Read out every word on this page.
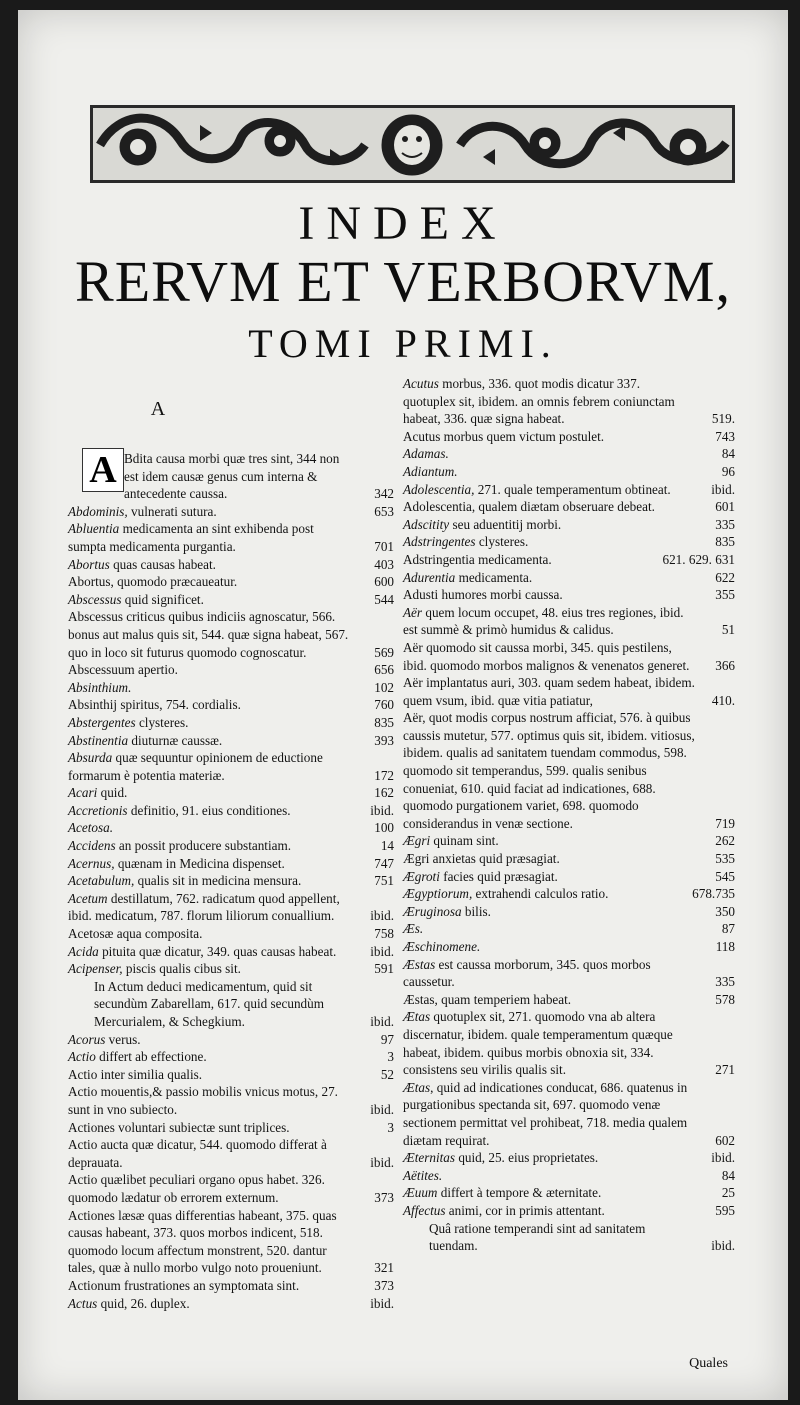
INDEX
RERVM ET VERBORVM,
TOMI PRIMI.
A
A Bdita causa morbi quæ tres sint, 344 non est idem causæ genus cum interna & antecedente caussa.	342
Abdominis, vulnerati sutura.	653
Abluentia medicamenta an sint exhibenda post sumpta medicamenta purgantia.	701
Abortus quas causas habeat.	403
Abortus, quomodo præcaueatur.	600
Abscessus quid significet.	544
Abscessus criticus quibus indiciis agnoscatur, 566. bonus aut malus quis sit, 544. quæ signa habeat, 567. quo in loco sit futurus quomodo cognoscatur.	569
Abscessuum apertio.	656
Absinthium.	102
Absinthij spiritus, 754. cordialis.	760
Abstergentes clysteres.	835
Abstinentia diuturnæ caussæ.	393
Absurda quæ sequuntur opinionem de eductione formarum è potentia materiæ.	172
Acari quid.	162
Accretionis definitio, 91. eius conditiones.	ibid.
Acetosa.	100
Accidens an possit producere substantiam.	14
Acernus, quænam in Medicina dispenset.	747
Acetabulum, qualis sit in medicina mensura.	751
Acetum destillatum, 762. radicatum quod appellent, ibid. medicatum, 787. florum liliorum conuallium.	ibid.
Acetosæ aqua composita.	758
Acida pituita quæ dicatur, 349. quas causas habeat.	ibid.
Acipenser, piscis qualis cibus sit.	591
In Actum deduci medicamentum, quid sit secundùm Zabarellam, 617. quid secundùm Mercurialem, & Schegkium.	ibid.
Acorus verus.	97
Actio differt ab effectione.	3
Actio inter similia qualis.	52
Actio mouentis,& passio mobilis vnicus motus, 27. sunt in vno subiecto.	ibid.
Actiones voluntari subiectæ sunt triplices.	3
Actio aucta quæ dicatur, 544. quomodo differat à deprauata.	ibid.
Actio quælibet peculiari organo opus habet. 326. quomodo lædatur ob errorem externum.	373
Actiones læsæ quas differentias habeant, 375. quas causas habeant, 373. quos morbos indicent, 518. quomodo locum affectum monstrent, 520. dantur tales, quæ à nullo morbo vulgo noto proueniunt.	321
Actionum frustrationes an symptomata sint.	373
Actus quid, 26. duplex.	ibid.
Acutus morbus, 336. quot modis dicatur 337. quotuplex sit, ibidem. an omnis febrem coniunctam habeat, 336. quæ signa habeat.	519.
Acutus morbus quem victum postulet.	743
Adamas.	84
Adiantum.	96
Adolescentia, 271. quale temperamentum obtineat.	ibid.
Adolescentia, qualem diætam obseruare debeat.	601
Adscitity seu aduentitij morbi.	335
Adstringentes clysteres.	835
Adstringentia medicamenta.	621. 629. 631
Adurentia medicamenta.	622
Adusti humores morbi caussa.	355
Aër quem locum occupet, 48. eius tres regiones, ibid. est summè & primò humidus & calidus.	51
Aër quomodo sit caussa morbi, 345. quis pestilens, ibid. quomodo morbos malignos & venenatos generet. 366
Aër implantatus auri, 303. quam sedem habeat, ibidem. quem vsum, ibid. quæ vitia patiatur,	410.
Aër, quot modis corpus nostrum afficiat, 576. à quibus caussis mutetur, 577. optimus quis sit, ibidem. vitiosus, ibidem. qualis ad sanitatem tuendam commodus, 598. quomodo sit temperandus, 599. qualis senibus conueniat, 610. quid faciat ad indicationes, 688. quomodo purgationem variet, 698. quomodo considerandus in venæ sectione.	719
Ægri quinam sint.	262
Ægri anxietas quid præsagiat.	535
Ægroti facies quid præsagiat.	545
Ægyptiorum, extrahendi calculos ratio.	678.735
Æruginosa bilis.	350
Æs.	87
Æschinomene.	118
Æstas est caussa morborum, 345. quos morbos caussetur.	335
Æstas, quam temperiem habeat.	578
Ætas quotuplex sit, 271. quomodo vna ab altera discernatur, ibidem. quale temperamentum quæque habeat, ibidem. quibus morbis obnoxia sit, 334. consistens seu virilis qualis sit.	271
Ætas, quid ad indicationes conducat, 686. quatenus in purgationibus spectanda sit, 697. quomodo venæ sectionem permittat vel prohibeat, 718. media qualem diætam requirat.	602
Æternitas quid, 25. eius proprietates.	ibid.
Aëtites.	84
Æuum differt à tempore & æternitate.	25
Affectus animi, cor in primis attentant.	595
Quâ ratione temperandi sint ad sanitatem tuendam.	ibid.
Quales
